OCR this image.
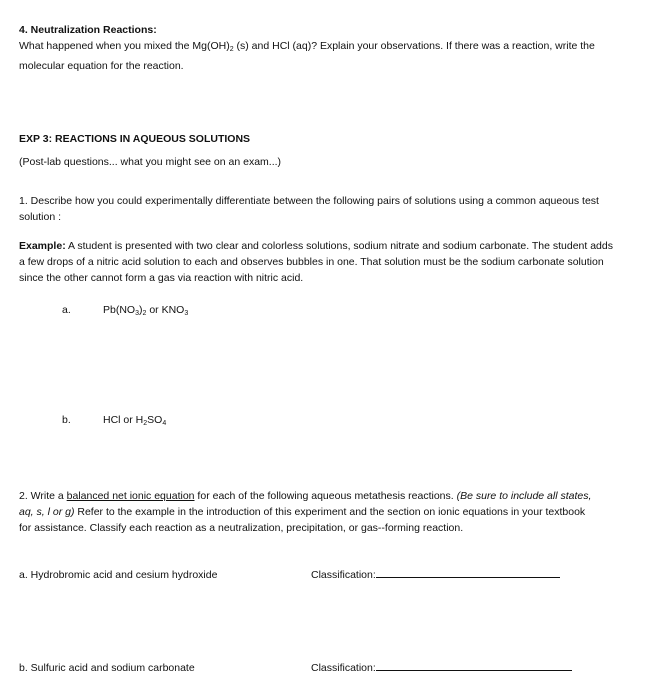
4. Neutralization Reactions:

What happened when you mixed the $Mg(OH)_2$ (s) and HCl (aq)? Explain your observations. If there was a reaction, write the molecular equation for the reaction.

EXP 3: REACTIONS IN AQUEOUS SOLUTIONS

(Post-lab questions... what you might see on an exam...)

1. Describe how you could experimentally differentiate between the following pairs of solutions using a common aqueous test solution :

Example: A student is presented with two clear and colorless solutions, sodium nitrate and sodium carbonate. The student adds a few drops of a nitric acid solution to each and observes bubbles in one. That solution must be the sodium carbonate solution since the other cannot form a gas via reaction with nitric acid.

a.	$Pb(NO_3)_2$ or $KNO_3$
b.	HCl or $H_2SO_4$

2. Write a balanced net ionic equation for each of the following aqueous metathesis reactions. (Be sure to include all states, aq, s, l or g) Refer to the example in the introduction of this experiment and the section on ionic equations in your textbook for assistance. Classify each reaction as a neutralization, precipitation, or gas--forming reaction.

a. Hydrobromic acid and cesium hydroxide	Classification:
b. Sulfuric acid and sodium carbonate	Classification:
